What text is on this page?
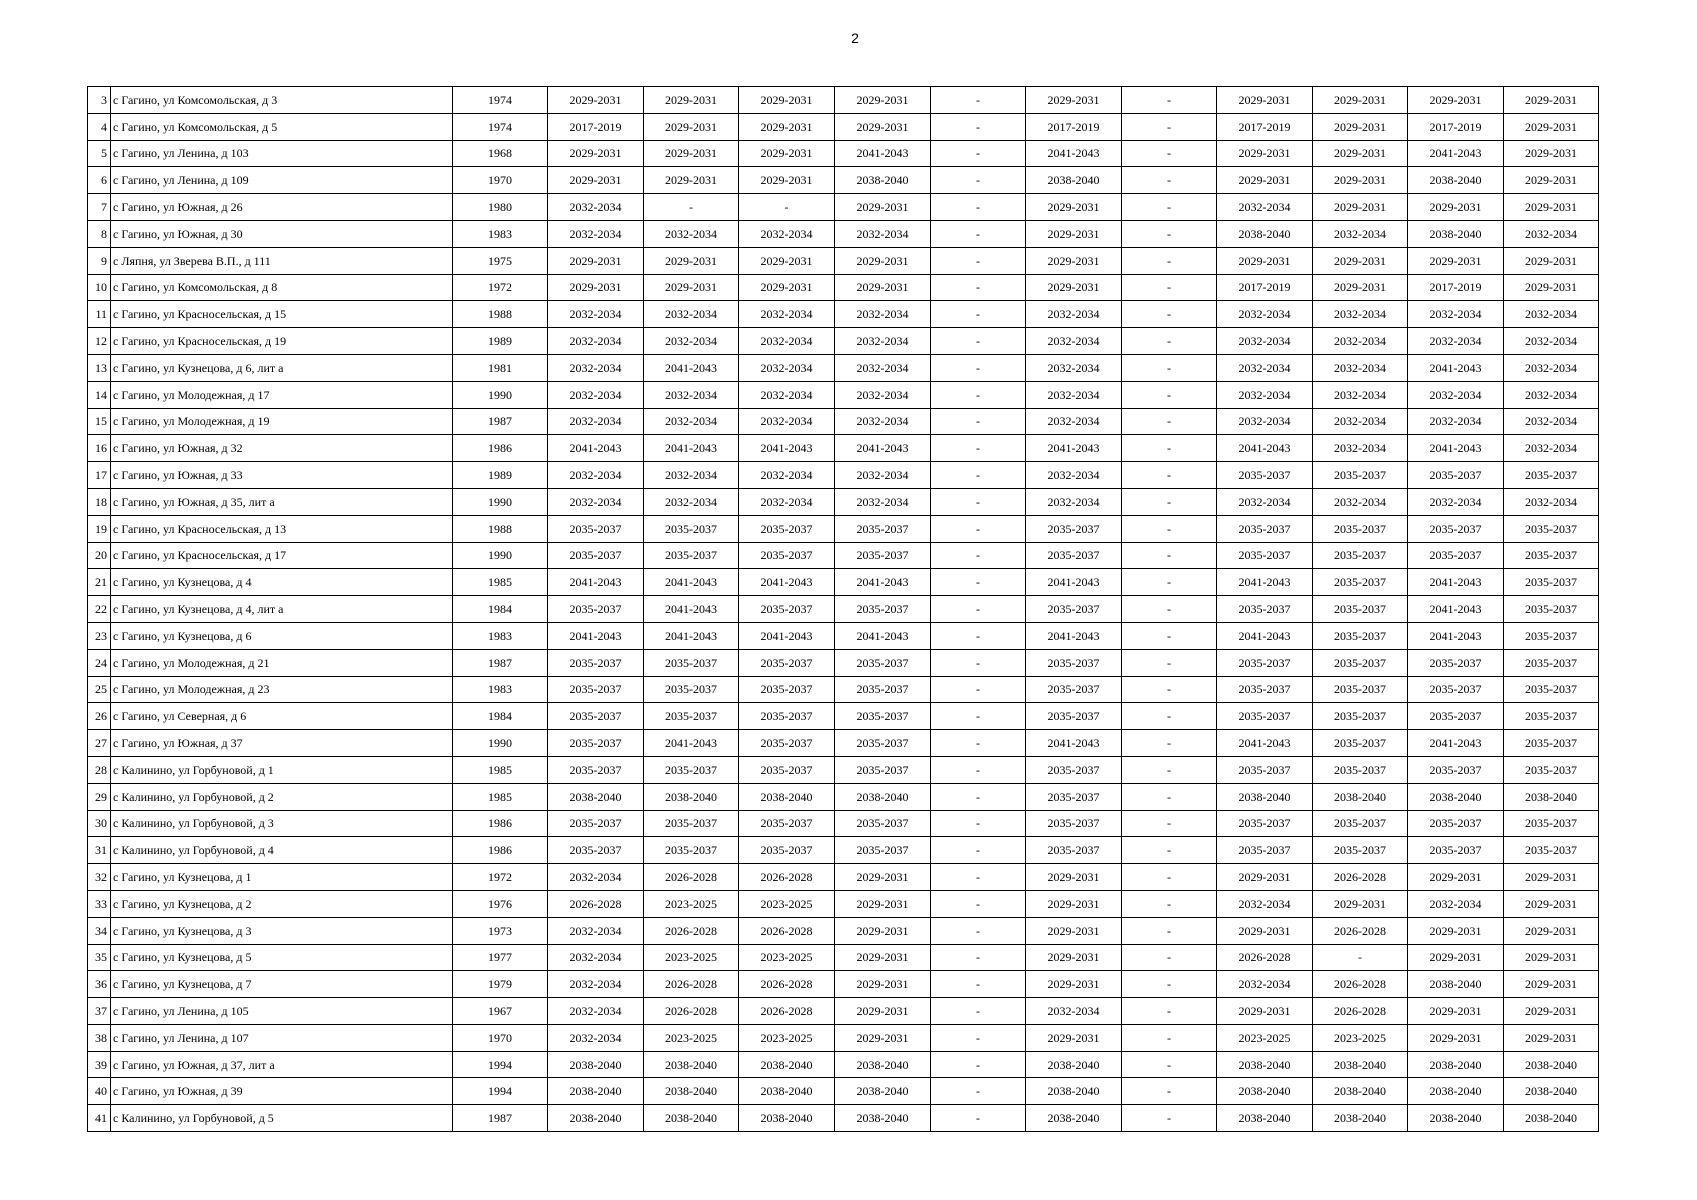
2
3	с Гагино, ул Комсомольская, д 3	1974	2029-2031	2029-2031	2029-2031	2029-2031	-	2029-2031	-	2029-2031	2029-2031	2029-2031	2029-2031
4	с Гагино, ул Комсомольская, д 5	1974	2017-2019	2029-2031	2029-2031	2029-2031	-	2017-2019	-	2017-2019	2029-2031	2017-2019	2029-2031
5	с Гагино, ул Ленина, д 103	1968	2029-2031	2029-2031	2029-2031	2041-2043	-	2041-2043	-	2029-2031	2029-2031	2041-2043	2029-2031
6	с Гагино, ул Ленина, д 109	1970	2029-2031	2029-2031	2029-2031	2038-2040	-	2038-2040	-	2029-2031	2029-2031	2038-2040	2029-2031
7	с Гагино, ул Южная, д 26	1980	2032-2034	-	-	2029-2031	-	2029-2031	-	2032-2034	2029-2031	2029-2031	2029-2031
8	с Гагино, ул Южная, д 30	1983	2032-2034	2032-2034	2032-2034	2032-2034	-	2029-2031	-	2038-2040	2032-2034	2038-2040	2032-2034
9	с Ляпня, ул Зверева В.П., д 111	1975	2029-2031	2029-2031	2029-2031	2029-2031	-	2029-2031	-	2029-2031	2029-2031	2029-2031	2029-2031
10	с Гагино, ул Комсомольская, д 8	1972	2029-2031	2029-2031	2029-2031	2029-2031	-	2029-2031	-	2017-2019	2029-2031	2017-2019	2029-2031
11	с Гагино, ул Красносельская, д 15	1988	2032-2034	2032-2034	2032-2034	2032-2034	-	2032-2034	-	2032-2034	2032-2034	2032-2034	2032-2034
12	с Гагино, ул Красносельская, д 19	1989	2032-2034	2032-2034	2032-2034	2032-2034	-	2032-2034	-	2032-2034	2032-2034	2032-2034	2032-2034
13	с Гагино, ул Кузнецова, д 6, лит а	1981	2032-2034	2041-2043	2032-2034	2032-2034	-	2032-2034	-	2032-2034	2032-2034	2041-2043	2032-2034
14	с Гагино, ул Молодежная, д 17	1990	2032-2034	2032-2034	2032-2034	2032-2034	-	2032-2034	-	2032-2034	2032-2034	2032-2034	2032-2034
15	с Гагино, ул Молодежная, д 19	1987	2032-2034	2032-2034	2032-2034	2032-2034	-	2032-2034	-	2032-2034	2032-2034	2032-2034	2032-2034
16	с Гагино, ул Южная, д 32	1986	2041-2043	2041-2043	2041-2043	2041-2043	-	2041-2043	-	2041-2043	2032-2034	2041-2043	2032-2034
17	с Гагино, ул Южная, д 33	1989	2032-2034	2032-2034	2032-2034	2032-2034	-	2032-2034	-	2035-2037	2035-2037	2035-2037	2035-2037
18	с Гагино, ул Южная, д 35, лит а	1990	2032-2034	2032-2034	2032-2034	2032-2034	-	2032-2034	-	2032-2034	2032-2034	2032-2034	2032-2034
19	с Гагино, ул Красносельская, д 13	1988	2035-2037	2035-2037	2035-2037	2035-2037	-	2035-2037	-	2035-2037	2035-2037	2035-2037	2035-2037
20	с Гагино, ул Красносельская, д 17	1990	2035-2037	2035-2037	2035-2037	2035-2037	-	2035-2037	-	2035-2037	2035-2037	2035-2037	2035-2037
21	с Гагино, ул Кузнецова, д 4	1985	2041-2043	2041-2043	2041-2043	2041-2043	-	2041-2043	-	2041-2043	2035-2037	2041-2043	2035-2037
22	с Гагино, ул Кузнецова, д 4, лит а	1984	2035-2037	2041-2043	2035-2037	2035-2037	-	2035-2037	-	2035-2037	2035-2037	2041-2043	2035-2037
23	с Гагино, ул Кузнецова, д 6	1983	2041-2043	2041-2043	2041-2043	2041-2043	-	2041-2043	-	2041-2043	2035-2037	2041-2043	2035-2037
24	с Гагино, ул Молодежная, д 21	1987	2035-2037	2035-2037	2035-2037	2035-2037	-	2035-2037	-	2035-2037	2035-2037	2035-2037	2035-2037
25	с Гагино, ул Молодежная, д 23	1983	2035-2037	2035-2037	2035-2037	2035-2037	-	2035-2037	-	2035-2037	2035-2037	2035-2037	2035-2037
26	с Гагино, ул Северная, д 6	1984	2035-2037	2035-2037	2035-2037	2035-2037	-	2035-2037	-	2035-2037	2035-2037	2035-2037	2035-2037
27	с Гагино, ул Южная, д 37	1990	2035-2037	2041-2043	2035-2037	2035-2037	-	2041-2043	-	2041-2043	2035-2037	2041-2043	2035-2037
28	с Калинино, ул Горбуновой, д 1	1985	2035-2037	2035-2037	2035-2037	2035-2037	-	2035-2037	-	2035-2037	2035-2037	2035-2037	2035-2037
29	с Калинино, ул Горбуновой, д 2	1985	2038-2040	2038-2040	2038-2040	2038-2040	-	2035-2037	-	2038-2040	2038-2040	2038-2040	2038-2040
30	с Калинино, ул Горбуновой, д 3	1986	2035-2037	2035-2037	2035-2037	2035-2037	-	2035-2037	-	2035-2037	2035-2037	2035-2037	2035-2037
31	с Калинино, ул Горбуновой, д 4	1986	2035-2037	2035-2037	2035-2037	2035-2037	-	2035-2037	-	2035-2037	2035-2037	2035-2037	2035-2037
32	с Гагино, ул Кузнецова, д 1	1972	2032-2034	2026-2028	2026-2028	2029-2031	-	2029-2031	-	2029-2031	2026-2028	2029-2031	2029-2031
33	с Гагино, ул Кузнецова, д 2	1976	2026-2028	2023-2025	2023-2025	2029-2031	-	2029-2031	-	2032-2034	2029-2031	2032-2034	2029-2031
34	с Гагино, ул Кузнецова, д 3	1973	2032-2034	2026-2028	2026-2028	2029-2031	-	2029-2031	-	2029-2031	2026-2028	2029-2031	2029-2031
35	с Гагино, ул Кузнецова, д 5	1977	2032-2034	2023-2025	2023-2025	2029-2031	-	2029-2031	-	2026-2028	-	2029-2031	2029-2031
36	с Гагино, ул Кузнецова, д 7	1979	2032-2034	2026-2028	2026-2028	2029-2031	-	2029-2031	-	2032-2034	2026-2028	2038-2040	2029-2031
37	с Гагино, ул Ленина, д 105	1967	2032-2034	2026-2028	2026-2028	2029-2031	-	2032-2034	-	2029-2031	2026-2028	2029-2031	2029-2031
38	с Гагино, ул Ленина, д 107	1970	2032-2034	2023-2025	2023-2025	2029-2031	-	2029-2031	-	2023-2025	2023-2025	2029-2031	2029-2031
39	с Гагино, ул Южная, д 37, лит а	1994	2038-2040	2038-2040	2038-2040	2038-2040	-	2038-2040	-	2038-2040	2038-2040	2038-2040	2038-2040
40	с Гагино, ул Южная, д 39	1994	2038-2040	2038-2040	2038-2040	2038-2040	-	2038-2040	-	2038-2040	2038-2040	2038-2040	2038-2040
41	с Калинино, ул Горбуновой, д 5	1987	2038-2040	2038-2040	2038-2040	2038-2040	-	2038-2040	-	2038-2040	2038-2040	2038-2040	2038-2040
